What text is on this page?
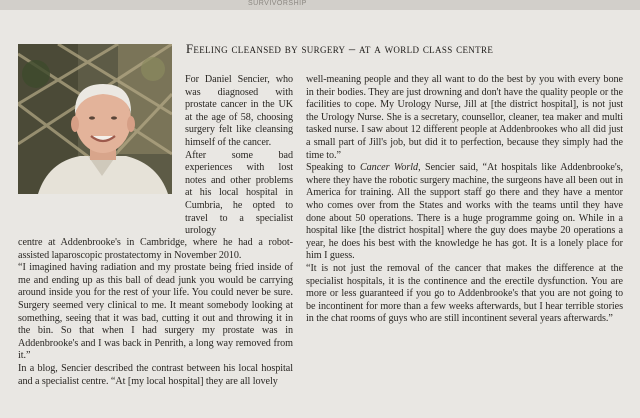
SURVIVORSHIP
Feeling cleansed by surgery – at a world class centre

For Daniel Sencier, who was diagnosed with prostate cancer in the UK at the age of 58, choosing surgery felt like cleansing himself of the cancer.

After some bad experiences with lost notes and other problems at his local hospital in Cumbria, he opted to travel to a specialist urology

centre at Addenbrooke's in Cambridge, where he had a robot-assisted laparoscopic prostatectomy in November 2010.

“I imagined having radiation and my prostate being fried inside of me and ending up as this ball of dead junk you would be carrying around inside you for the rest of your life. You could never be sure. Surgery seemed very clinical to me. It meant somebody looking at something, seeing that it was bad, cutting it out and throwing it in the bin. So that when I had surgery my prostate was in Addenbrooke's and I was back in Penrith, a long way removed from it.”

In a blog, Sencier described the contrast between his local hospital and a specialist centre. “At [my local hospital] they are all lovely

well-meaning people and they all want to do the best by you with every bone in their bodies. They are just drowning and don't have the quality people or the facilities to cope. My Urology Nurse, Jill at [the district hospital], is not just the Urology Nurse. She is a secretary, counsellor, cleaner, tea maker and multi tasked nurse. I saw about 12 different people at Addenbrookes who all did just a small part of Jill's job, but did it to perfection, because they simply had the time to.”

Speaking to Cancer World, Sencier said, “At hospitals like Addenbrooke's, where they have the robotic surgery machine, the surgeons have all been out in America for training. All the support staff go there and they have a mentor who comes over from the States and works with the teams until they have done about 50 operations. There is a huge programme going on. While in a hospital like [the district hospital] where the guy does maybe 20 operations a year, he does his best with the knowledge he has got. It is a lonely place for him I guess.

“It is not just the removal of the cancer that makes the difference at the specialist hospitals, it is the continence and the erectile dysfunction. You are more or less guaranteed if you go to Addenbrooke's that you are not going to be incontinent for more than a few weeks afterwards, but I hear terrible stories in the chat rooms of guys who are still incontinent several years afterwards.”
